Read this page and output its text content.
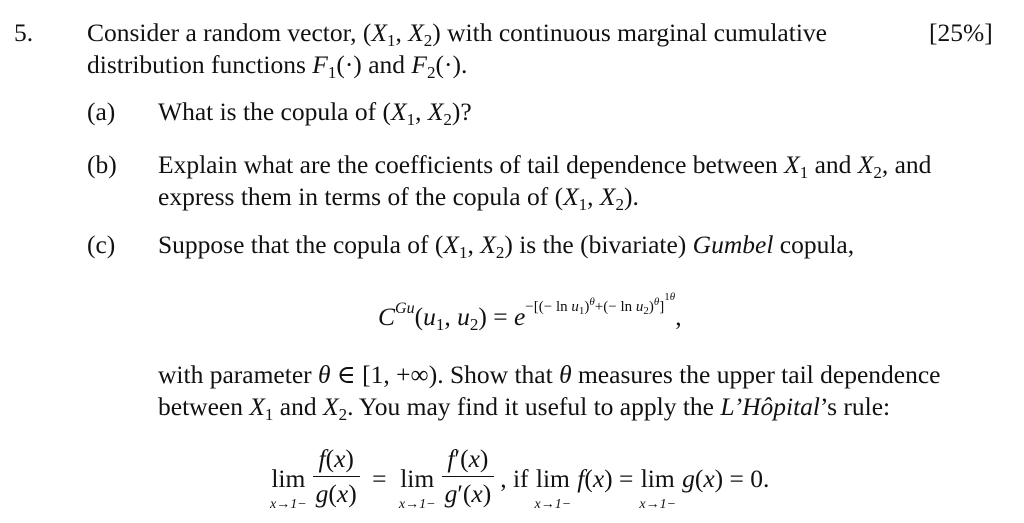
5.	[25%]
Consider a random vector, (X1, X2) with continuous marginal cumulative
distribution functions F1(·) and F2(·).
(a) What is the copula of (X1, X2)?
(b) Explain what are the coefficients of tail dependence between X1 and X2, and
express them in terms of the copula of (X1, X2).
(c) Suppose that the copula of (X1, X2) is the (bivariate) Gumbel copula,
$C^{Gu}(u1$, $u2) = e^{-[(- ln u_1)^\theta+(- ln u_2)^\theta]}1\theta$,
with parameter θ ∈ [1, +∞). Show that θ measures the upper tail dependence
between X1 and X2. You may find it useful to apply the L’Hôpital’s rule:
lim
$x\to 1- \frac{f(x)}{g(x)} = \lim$
$x\to 1- \frac{f'(x)}{g'(x)}$ , if lim
x→1−
f(x) = lim
x→1−
g(x) = 0.
